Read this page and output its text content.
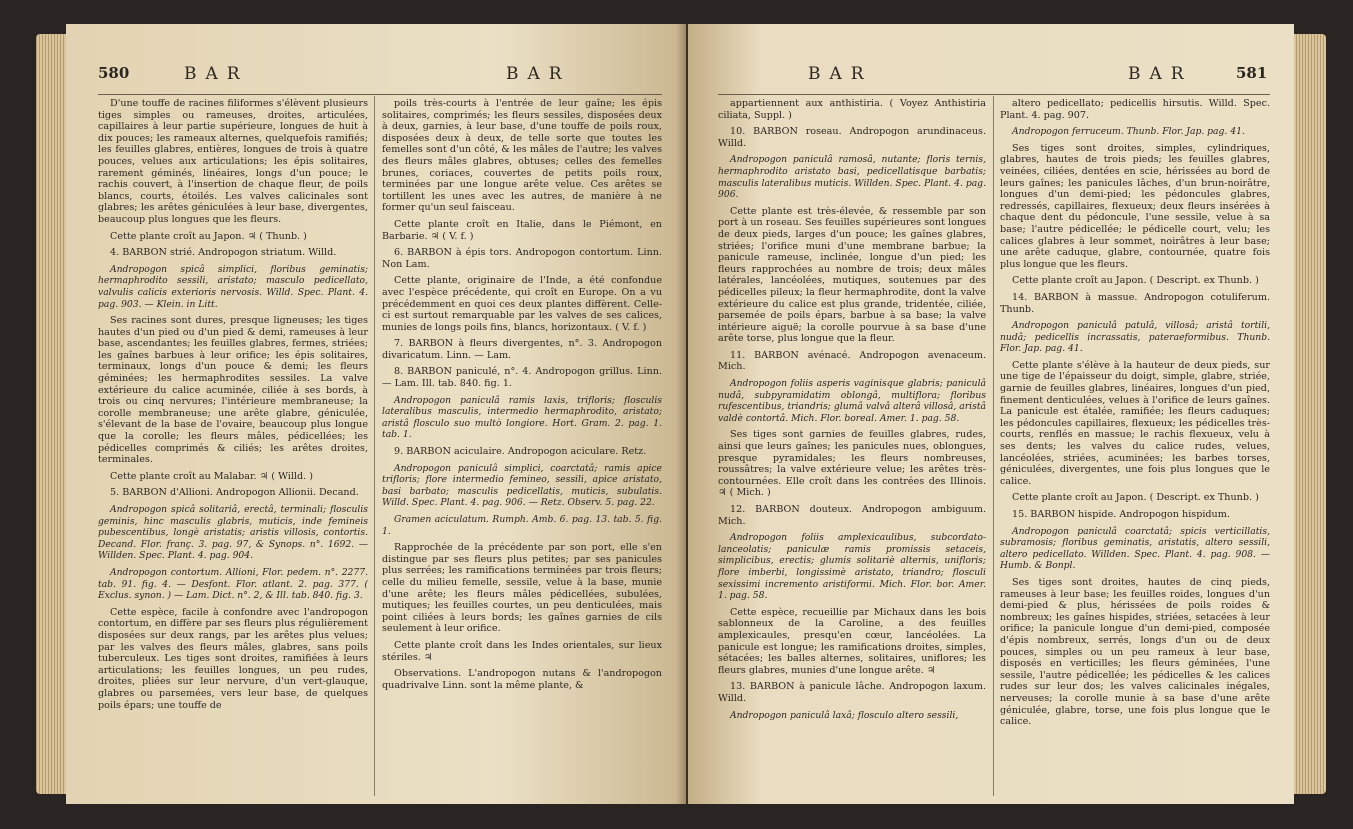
580	BAR	BAR

D'une touffe de racines filiformes s'élèvent plusieurs tiges simples ou rameuses, droites, articulées, capillaires à leur partie supérieure, longues de huit à dix pouces; les rameaux alternes, quelquefois ramifiés; les feuilles glabres, entières, longues de trois à quatre pouces, velues aux articulations; les épis solitaires, rarement géminés, linéaires, longs d'un pouce; le rachis couvert, à l'insertion de chaque fleur, de poils blancs, courts, étoilés. Les valves calicinales sont glabres; les arêtes géniculées à leur base, divergentes, beaucoup plus longues que les fleurs.

Cette plante croît au Japon. ♃ ( Thunb. )

4. BARBON strié. Andropogon striatum. Willd.

Andropogon spicâ simplici, floribus geminatis; hermaphrodito sessili, aristato; masculo pedicellato, valvulis calicis exterioris nervosis. Willd. Spec. Plant. 4. pag. 903. — Klein. in Litt.

Ses racines sont dures, presque ligneuses; les tiges hautes d'un pied ou d'un pied & demi, rameuses à leur base, ascendantes; les feuilles glabres, fermes, striées; les gaînes barbues à leur orifice; les épis solitaires, terminaux, longs d'un pouce & demi; les fleurs géminées; les hermaphrodites sessiles. La valve extérieure du calice acuminée, ciliée à ses bords, à trois ou cinq nervures; l'intérieure membraneuse; la corolle membraneuse; une arête glabre, géniculée, s'élevant de la base de l'ovaire, beaucoup plus longue que la corolle; les fleurs mâles, pédicellées; les pédicelles comprimés & ciliés; les arêtes droites, terminales.

Cette plante croît au Malabar. ♃ ( Willd. )

5. BARBON d'Allioni. Andropogon Allionii. Decand.

Andropogon spicâ solitariâ, erectâ, terminali; flosculis geminis, hinc masculis glabris, muticis, inde femineis pubescentibus, longè aristatis; aristis villosis, contortis. Decand. Flor. franç. 3. pag. 97, & Synops. n°. 1692. — Willden. Spec. Plant. 4. pag. 904.

Andropogon contortum. Allioni, Flor. pedem. n°. 2277. tab. 91. fig. 4. — Desfont. Flor. atlant. 2. pag. 377. ( Exclus. synon. ) — Lam. Dict. n°. 2, & Ill. tab. 840. fig. 3.

Cette espèce, facile à confondre avec l'andropogon contortum, en diffère par ses fleurs plus régulièrement disposées sur deux rangs, par les arêtes plus velues; par les valves des fleurs mâles, glabres, sans poils tuberculeux. Les tiges sont droites, ramifiées à leurs articulations; les feuilles longues, un peu rudes, droites, pliées sur leur nervure, d'un vert-glauque, glabres ou parsemées, vers leur base, de quelques poils épars; une touffe de

poils très-courts à l'entrée de leur gaîne; les épis solitaires, comprimés; les fleurs sessiles, disposées deux à deux, garnies, à leur base, d'une touffe de poils roux, disposées deux à deux, de telle sorte que toutes les femelles sont d'un côté, & les mâles de l'autre; les valves des fleurs mâles glabres, obtuses; celles des femelles brunes, coriaces, couvertes de petits poils roux, terminées par une longue arête velue. Ces arêtes se tortillent les unes avec les autres, de manière à ne former qu'un seul faisceau.

Cette plante croît en Italie, dans le Piémont, en Barbarie. ♃ ( V. f. )

6. BARBON à épis tors. Andropogon contortum. Linn. Non Lam.

Cette plante, originaire de l'Inde, a été confondue avec l'espèce précédente, qui croît en Europe. On a vu précédemment en quoi ces deux plantes diffèrent. Celle-ci est surtout remarquable par les valves de ses calices, munies de longs poils fins, blancs, horizontaux. ( V. f. )

7. BARBON à fleurs divergentes, n°. 3. Andropogon divaricatum. Linn. — Lam.

8. BARBON paniculé, n°. 4. Andropogon grillus. Linn. — Lam. Ill. tab. 840. fig. 1.

Andropogon paniculâ ramis laxis, trifloris; flosculis lateralibus masculis, intermedio hermaphrodito, aristato; aristâ flosculo suo multò longiore. Hort. Gram. 2. pag. 1. tab. 1.

9. BARBON aciculaire. Andropogon aciculare. Retz.

Andropogon paniculâ simplici, coarctatâ; ramis apice trifloris; flore intermedio femineo, sessili, apice aristato, basi barbato; masculis pedicellatis, muticis, subulatis. Willd. Spec. Plant. 4. pag. 906. — Retz. Observ. 5. pag. 22.

Gramen aciculatum. Rumph. Amb. 6. pag. 13. tab. 5. fig. 1.

Rapprochée de la précédente par son port, elle s'en distingue par ses fleurs plus petites; par ses panicules plus serrées; les ramifications terminées par trois fleurs; celle du milieu femelle, sessile, velue à la base, munie d'une arête; les fleurs mâles pédicellées, subulées, mutiques; les feuilles courtes, un peu denticulées, mais point ciliées à leurs bords; les gaînes garnies de cils seulement à leur orifice.

Cette plante croît dans les Indes orientales, sur lieux stériles. ♃

Observations. L'andropogon nutans & l'andropogon quadrivalve Linn. sont la même plante, &

BAR	BAR	581

appartiennent aux anthistiria. ( Voyez Anthistiria ciliata, Suppl. )

10. BARBON roseau. Andropogon arundinaceus. Willd.

Andropogon paniculâ ramosâ, nutante; floris ternis, hermaphrodito aristato basi, pedicellatisque barbatis; masculis lateralibus muticis. Willden. Spec. Plant. 4. pag. 906.

Cette plante est très-élevée, & ressemble par son port à un roseau. Ses feuilles supérieures sont longues de deux pieds, larges d'un pouce; les gaînes glabres, striées; l'orifice muni d'une membrane barbue; la panicule rameuse, inclinée, longue d'un pied; les fleurs rapprochées au nombre de trois; deux mâles latérales, lancéolées, mutiques, soutenues par des pédicelles pileux; la fleur hermaphrodite, dont la valve extérieure du calice est plus grande, tridentée, ciliée, parsemée de poils épars, barbue à sa base; la valve intérieure aiguë; la corolle pourvue à sa base d'une arête torse, plus longue que la fleur.

11. BARBON avénacé. Andropogon avenaceum. Mich.

Andropogon foliis asperis vaginisque glabris; paniculâ nudâ, subpyramidatim oblongâ, multiflora; floribus rufescentibus, triandris; glumâ valvâ alterâ villosâ, aristâ valdè contortâ. Mich. Flor. boreal. Amer. 1. pag. 58.

Ses tiges sont garnies de feuilles glabres, rudes, ainsi que leurs gaînes; les panicules nues, oblongues, presque pyramidales; les fleurs nombreuses, roussâtres; la valve extérieure velue; les arêtes très-contournées. Elle croît dans les contrées des Illinois. ♃ ( Mich. )

12. BARBON douteux. Andropogon ambiguum. Mich.

Andropogon foliis amplexicaulibus, subcordato-lanceolatis; paniculæ ramis promissis setaceis, simplicibus, erectis; glumis solitariè alternis, unifloris; flore imberbi, longissimè aristato, triandro; flosculi sexissimi incremento aristiformi. Mich. Flor. bor. Amer. 1. pag. 58.

Cette espèce, recueillie par Michaux dans les bois sablonneux de la Caroline, a des feuilles amplexicaules, presqu'en cœur, lancéolées. La panicule est longue; les ramifications droites, simples, sétacées; les balles alternes, solitaires, uniflores; les fleurs glabres, munies d'une longue arête. ♃

13. BARBON à panicule lâche. Andropogon laxum. Willd.

Andropogon paniculâ laxâ; flosculo altero sessili,

altero pedicellato; pedicellis hirsutis. Willd. Spec. Plant. 4. pag. 907.

Andropogon ferruceum. Thunb. Flor. Jap. pag. 41.

Ses tiges sont droites, simples, cylindriques, glabres, hautes de trois pieds; les feuilles glabres, veinées, ciliées, dentées en scie, hérissées au bord de leurs gaînes; les panicules lâches, d'un brun-noirâtre, longues d'un demi-pied; les pédoncules glabres, redressés, capillaires, flexueux; deux fleurs insérées à chaque dent du pédoncule, l'une sessile, velue à sa base; l'autre pédicellée; le pédicelle court, velu; les calices glabres à leur sommet, noirâtres à leur base; une arête caduque, glabre, contournée, quatre fois plus longue que les fleurs.

Cette plante croît au Japon. ( Descript. ex Thunb. )

14. BARBON à massue. Andropogon cotuliferum. Thunb.

Andropogon paniculâ patulâ, villosâ; aristâ tortili, nudâ; pedicellis incrassatis, pateraeformibus. Thunb. Flor. Jap. pag. 41.

Cette plante s'élève à la hauteur de deux pieds, sur une tige de l'épaisseur du doigt, simple, glabre, striée, garnie de feuilles glabres, linéaires, longues d'un pied, finement denticulées, velues à l'orifice de leurs gaînes. La panicule est étalée, ramifiée; les fleurs caduques; les pédoncules capillaires, flexueux; les pédicelles très-courts, renflés en massue; le rachis flexueux, velu à ses dents; les valves du calice rudes, velues, lancéolées, striées, acuminées; les barbes torses, géniculées, divergentes, une fois plus longues que le calice.

Cette plante croît au Japon. ( Descript. ex Thunb. )

15. BARBON hispide. Andropogon hispidum.

Andropogon paniculâ coarctatâ; spicis verticillatis, subramosis; floribus geminatis, aristatis, altero sessili, altero pedicellato. Willden. Spec. Plant. 4. pag. 908. — Humb. & Bonpl.

Ses tiges sont droites, hautes de cinq pieds, rameuses à leur base; les feuilles roides, longues d'un demi-pied & plus, hérissées de poils roides & nombreux; les gaînes hispides, striées, setacées à leur orifice; la panicule longue d'un demi-pied, composée d'épis nombreux, serrés, longs d'un ou de deux pouces, simples ou un peu rameux à leur base, disposés en verticilles; les fleurs géminées, l'une sessile, l'autre pédicellée; les pédicelles & les calices rudes sur leur dos; les valves calicinales inégales, nerveuses; la corolle munie à sa base d'une arête géniculée, glabre, torse, une fois plus longue que le calice.
